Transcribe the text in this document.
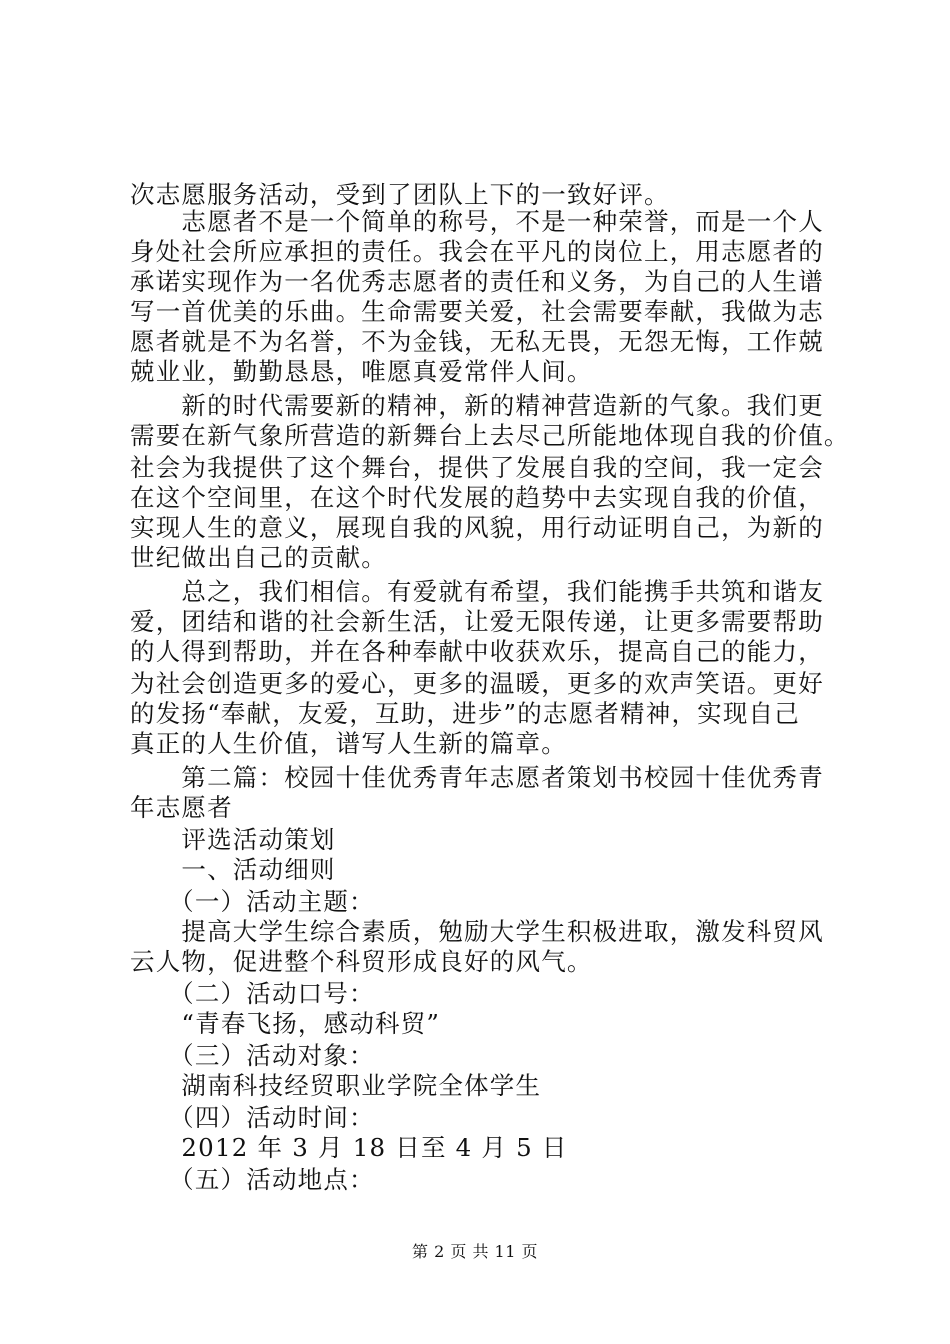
次志愿服务活动，受到了团队上下的一致好评。
　　志愿者不是一个简单的称号，不是一种荣誉，而是一个人
身处社会所应承担的责任。我会在平凡的岗位上，用志愿者的
承诺实现作为一名优秀志愿者的责任和义务，为自己的人生谱
写一首优美的乐曲。生命需要关爱，社会需要奉献，我做为志
愿者就是不为名誉，不为金钱，无私无畏，无怨无悔，工作兢
兢业业，勤勤恳恳，唯愿真爱常伴人间。
　　新的时代需要新的精神，新的精神营造新的气象。我们更
需要在新气象所营造的新舞台上去尽己所能地体现自我的价值。
社会为我提供了这个舞台，提供了发展自我的空间，我一定会
在这个空间里，在这个时代发展的趋势中去实现自我的价值，
实现人生的意义，展现自我的风貌，用行动证明自己，为新的
世纪做出自己的贡献。
　　总之，我们相信。有爱就有希望，我们能携手共筑和谐友
爱，团结和谐的社会新生活，让爱无限传递，让更多需要帮助
的人得到帮助，并在各种奉献中收获欢乐，提高自己的能力，
为社会创造更多的爱心，更多的温暖，更多的欢声笑语。更好
的发扬“奉献，友爱，互助，进步”的志愿者精神，实现自己
真正的人生价值，谱写人生新的篇章。
　　第二篇：校园十佳优秀青年志愿者策划书校园十佳优秀青
年志愿者
　　评选活动策划
　　一、活动细则
　　（一）活动主题：
　　提高大学生综合素质，勉励大学生积极进取，激发科贸风
云人物，促进整个科贸形成良好的风气。
　　（二）活动口号：
　　“青春飞扬，感动科贸”
　　（三）活动对象：
　　湖南科技经贸职业学院全体学生
　　（四）活动时间：
　　2012 年 3 月 18 日至 4 月 5 日
　　（五）活动地点：
第 2 页 共 11 页
